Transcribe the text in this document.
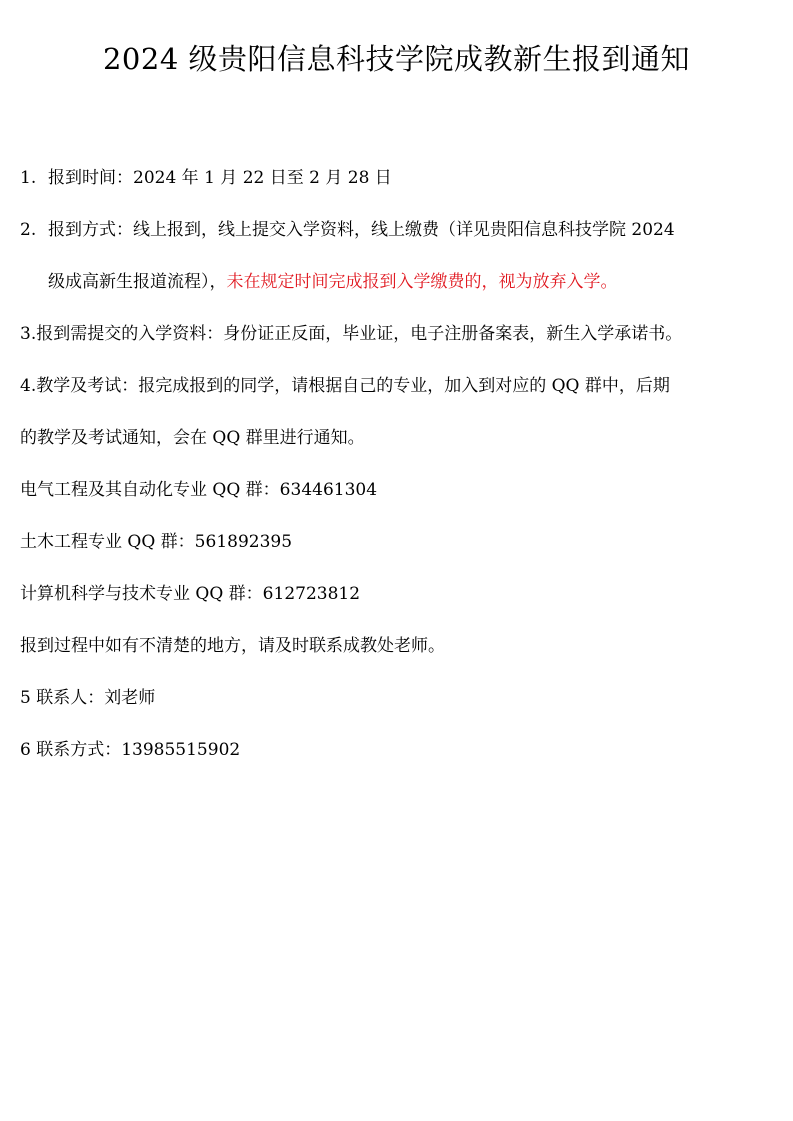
2024 级贵阳信息科技学院成教新生报到通知
1. 报到时间：2024 年 1 月 22 日至 2 月 28 日
2. 报到方式：线上报到，线上提交入学资料，线上缴费（详见贵阳信息科技学院 2024
级成高新生报道流程），未在规定时间完成报到入学缴费的，视为放弃入学。
3.报到需提交的入学资料：身份证正反面，毕业证，电子注册备案表，新生入学承诺书。
4.教学及考试：报完成报到的同学，请根据自己的专业，加入到对应的 QQ 群中，后期
的教学及考试通知，会在 QQ 群里进行通知。
电气工程及其自动化专业 QQ 群：634461304
土木工程专业 QQ 群：561892395
计算机科学与技术专业 QQ 群：612723812
报到过程中如有不清楚的地方，请及时联系成教处老师。
5 联系人：刘老师
6 联系方式：13985515902
